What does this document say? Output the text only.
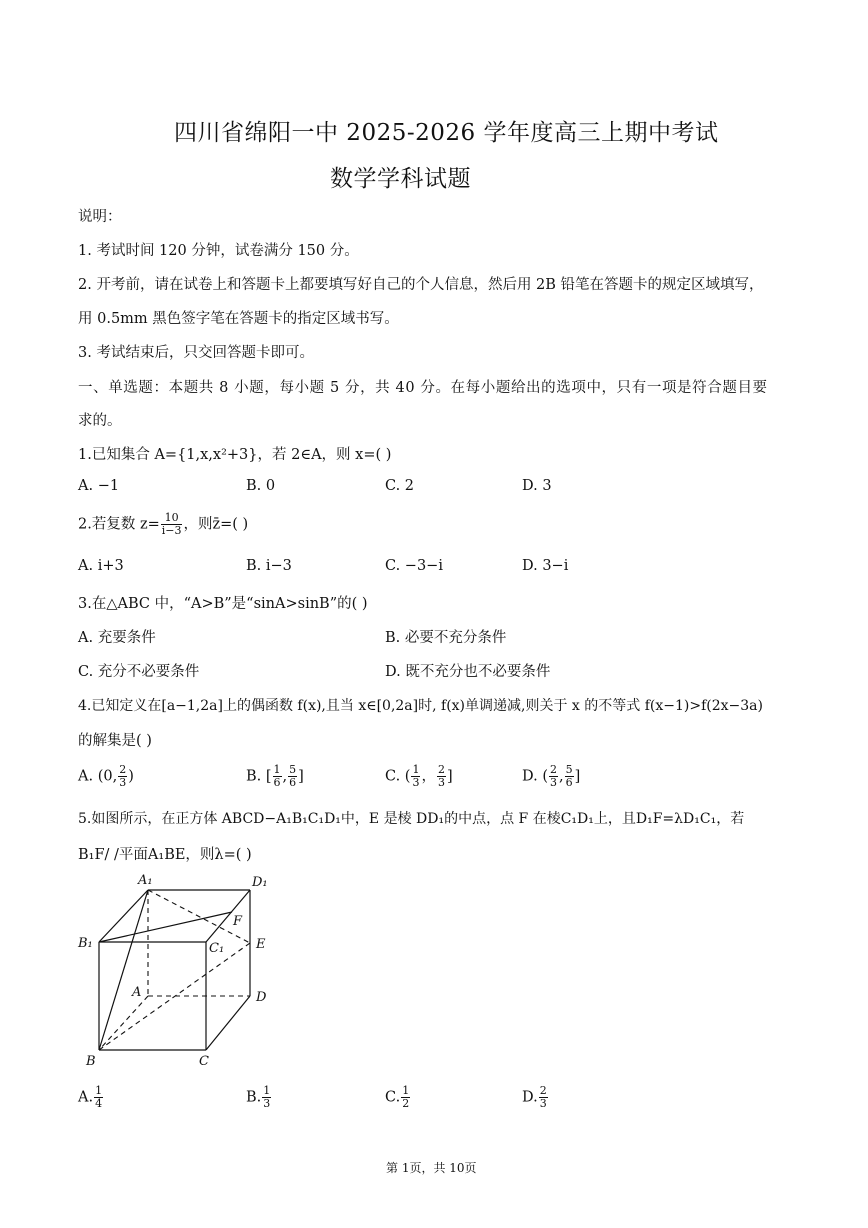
四川省绵阳一中 2025-2026 学年度高三上期中考试
数学学科试题
说明：
1. 考试时间 120 分钟，试卷满分 150 分。
2. 开考前，请在试卷上和答题卡上都要填写好自己的个人信息，然后用 2B 铅笔在答题卡的规定区域填写，
用 0.5mm 黑色签字笔在答题卡的指定区域书写。
3. 考试结束后，只交回答题卡即可。
一、单选题：本题共 8 小题，每小题 5 分，共 40 分。在每小题给出的选项中，只有一项是符合题目要
求的。
1.已知集合 A={1,x,x²+3}，若 2∈A，则 x=( )
A. −1	B. 0	C. 2	D. 3
2.若复数 $z= \frac{10}{i-3}$ ，则z̄=( )
A. i+3	B. i−3	C. −3−i	D. 3−i
3.在△ABC 中，“A>B”是“sinA>sinB”的( )
A. 充要条件	B. 必要不充分条件
C. 充分不必要条件	D. 既不充分也不必要条件
4.已知定义在[a−1,2a]上的偶函数 f(x),且当 x∈[0,2a]时, f(x)单调递减,则关于 x 的不等式 f(x−1)>f(2x−3a)
的解集是( )
A. (0, $\frac{2}{3}$ )	B. [ $\frac{1}{6}$ , $\frac{5}{6}$ ]	C. ( $\frac{1}{3}$ ， $\frac{2}{3}$ ]	D. ( $\frac{2}{3}$ , $\frac{5}{6}$ ]
5.如图所示，在正方体 ABCD−A₁B₁C₁D₁中，E 是棱 DD₁的中点，点 F 在棱C₁D₁上，且D₁F=λD₁C₁，若
B₁F/ /平面A₁BE，则λ=( )
A₁	D₁
B₁	C₁
F
E
A	D
B	C
A. $\frac{1}{4}$	B. $\frac{1}{3}$	C. $\frac{1}{2}$	D. $\frac{2}{3}$
第 1页，共 10页
